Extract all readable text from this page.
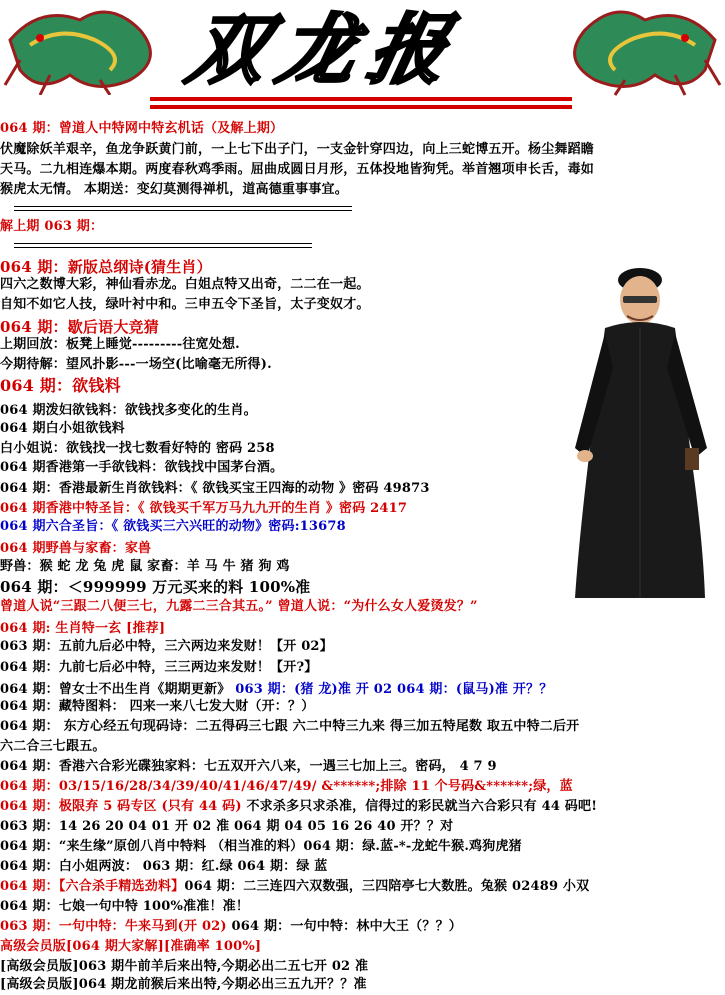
双龙报
064 期：曾道人中特网中特玄机话（及解上期）
伏魔除妖羊艰辛，鱼龙争跃黄门前，一上七下出子门，一支金针穿四边，向上三蛇博五开。杨尘舞蹈瞻
天马。二九相连爆本期。两度春秋鸡季雨。屈曲成圆日月形，五体投地皆狗凭。举首翘项申长舌，毒如
猴虎太无情。 本期送：变幻莫测得禅机，道高德重事事宜。
解上期 063 期：
064 期：新版总纲诗(猜生肖）
四六之数博大彩，神仙看赤龙。白姐点特又出奇，二二在一起。
自知不如它人技，绿叶衬中和。三申五令下圣旨，太子变奴才。
064 期：歇后语大竞猜
上期回放：板凳上睡觉---------往宽处想.
今期待解：望风扑影---一场空(比喻毫无所得).
064 期：欲钱料
064 期泼妇欲钱料：欲钱找多变化的生肖。
064 期白小姐欲钱料
白小姐说：欲钱找一找七数看好特的 密码 258
064 期香港第一手欲钱料：欲钱找中国茅台酒。
064 期：香港最新生肖欲钱料：《 欲钱买宝王四海的动物 》密码 49873
064 期香港中特圣旨：《 欲钱买千军万马九九开的生肖 》密码 2417
064 期六合圣旨：《 欲钱买三六兴旺的动物》密码:13678
064 期野兽与家畜：家兽
野兽：猴 蛇 龙 兔 虎 鼠 家畜：羊 马 牛 猪 狗 鸡
064 期：＜999999 万元买来的料 100%准
曾道人说“三跟二八便三七，九露二三合其五。” 曾道人说：“为什么女人爱烫发？”
064 期: 生肖特一玄 [推荐]
063 期：五前九后必中特，三六两边来发财！【开 02】
064 期：九前七后必中特，三三两边来发财！【开?】
064 期：曾女士不出生肖《期期更新》 063 期：(猪 龙)准 开 02 064 期：(鼠马)准 开？？
064 期：藏特图料： 四来一来八七发大财（开：？）
064 期： 东方心经五句现码诗：二五得码三七跟 六二中特三九来 得三加五特尾数 取五中特二后开
六二合三七跟五。
064 期：香港六合彩光碟独家料：七五双开六八来，一遇三七加上三。密码， 4 7 9
064 期：03/15/16/28/34/39/40/41/46/47/49/ &******;排除 11 个号码&******;绿，蓝
064 期：极限弃 5 码专区 (只有 44 码) 不求杀多只求杀准，信得过的彩民就当六合彩只有 44 码吧!
063 期：14 26 20 04 01 开 02 准 064 期 04 05 16 26 40 开？？对
064 期：“来生缘”原创八肖中特料 （相当准的料）064 期：绿.蓝-*-龙蛇牛猴.鸡狗虎猪
064 期：白小姐两波： 063 期：红.绿 064 期：绿 蓝
064 期：【六合杀手精选劲料】064 期：二三连四六双数强，三四陪亭七大数胜。兔猴 02489 小双
064 期：七娘一句中特 100%准准！准！
063 期：一句中特：牛来马到(开 02) 064 期：一句中特：林中大王（？？）
高级会员版[064 期大家解][准确率 100%]
[高级会员版]063 期牛前羊后来出特,今期必出二五七开 02 准
[高级会员版]064 期龙前猴后来出特,今期必出三五九开？？准
